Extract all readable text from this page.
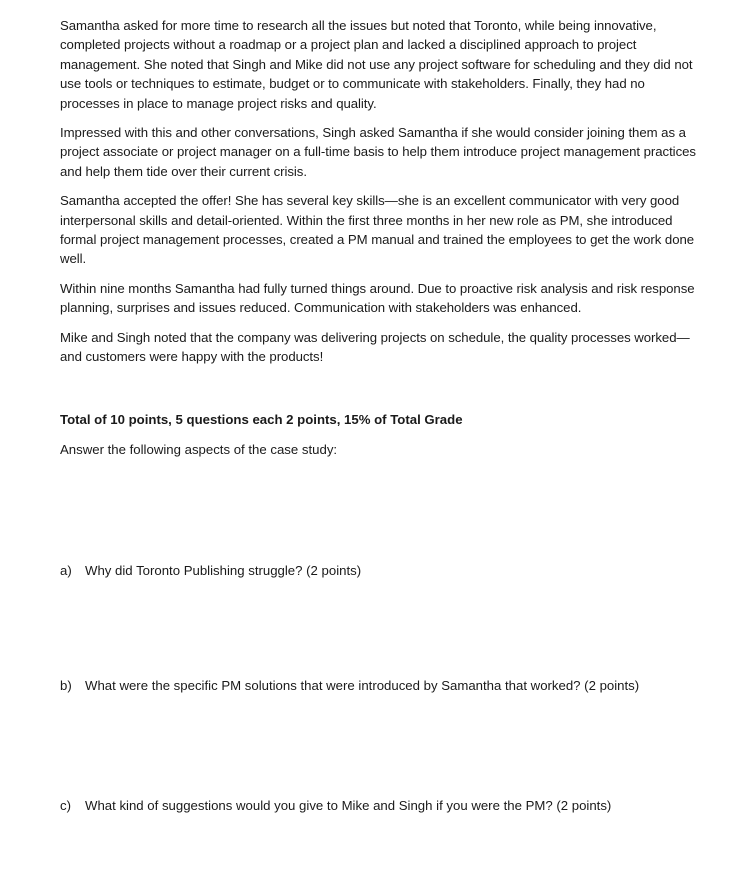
Samantha asked for more time to research all the issues but noted that Toronto, while being innovative, completed projects without a roadmap or a project plan and lacked a disciplined approach to project management. She noted that Singh and Mike did not use any project software for scheduling and they did not use tools or techniques to estimate, budget or to communicate with stakeholders. Finally, they had no processes in place to manage project risks and quality.

Impressed with this and other conversations, Singh asked Samantha if she would consider joining them as a project associate or project manager on a full-time basis to help them introduce project management practices and help them tide over their current crisis.

Samantha accepted the offer! She has several key skills—she is an excellent communicator with very good interpersonal skills and detail-oriented. Within the first three months in her new role as PM, she introduced formal project management processes, created a PM manual and trained the employees to get the work done well.

Within nine months Samantha had fully turned things around. Due to proactive risk analysis and risk response planning, surprises and issues reduced. Communication with stakeholders was enhanced.

Mike and Singh noted that the company was delivering projects on schedule, the quality processes worked—and customers were happy with the products!

Total of 10 points, 5 questions each 2 points, 15% of Total Grade

Answer the following aspects of the case study:

a)	Why did Toronto Publishing struggle? (2 points)
b)	What were the specific PM solutions that were introduced by Samantha that worked? (2 points)
c)	What kind of suggestions would you give to Mike and Singh if you were the PM? (2 points)
